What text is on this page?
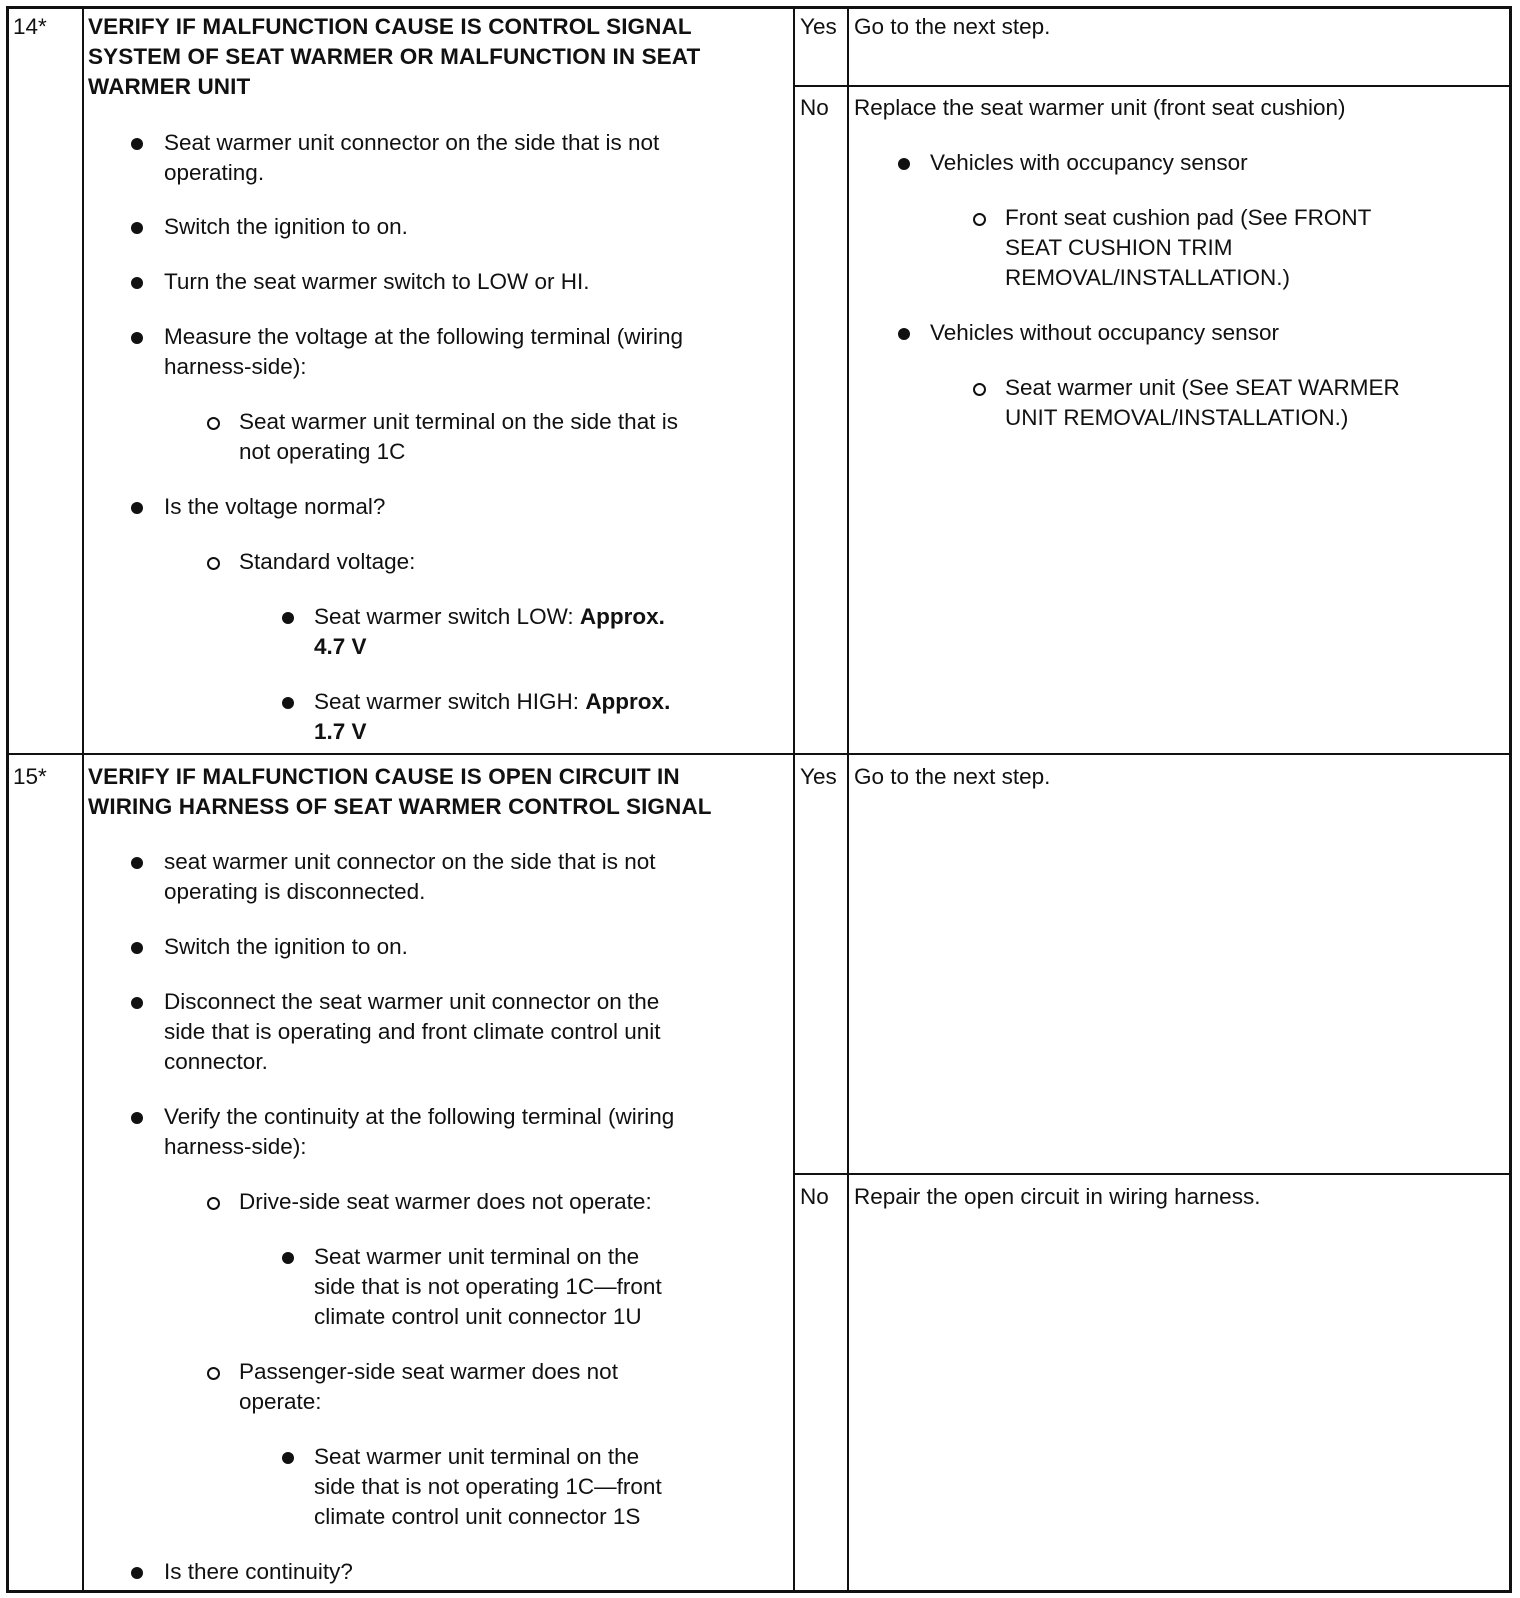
14* VERIFY IF MALFUNCTION CAUSE IS CONTROL SIGNAL
SYSTEM OF SEAT WARMER OR MALFUNCTION IN SEAT
WARMER UNIT
Seat warmer unit connector on the side that is not
operating.
Switch the ignition to on.
Turn the seat warmer switch to LOW or HI.
Measure the voltage at the following terminal (wiring
harness-side):
Seat warmer unit terminal on the side that is
not operating 1C
Is the voltage normal?
Standard voltage:
Seat warmer switch LOW: Approx.
4.7 V
Seat warmer switch HIGH: Approx.
1.7 V
Yes Go to the next step.
No Replace the seat warmer unit (front seat cushion)
Vehicles with occupancy sensor
Front seat cushion pad (See FRONT
SEAT CUSHION TRIM
REMOVAL/INSTALLATION.)
Vehicles without occupancy sensor
Seat warmer unit (See SEAT WARMER
UNIT REMOVAL/INSTALLATION.)
15* VERIFY IF MALFUNCTION CAUSE IS OPEN CIRCUIT IN
WIRING HARNESS OF SEAT WARMER CONTROL SIGNAL
seat warmer unit connector on the side that is not
operating is disconnected.
Switch the ignition to on.
Disconnect the seat warmer unit connector on the
side that is operating and front climate control unit
connector.
Verify the continuity at the following terminal (wiring
harness-side):
Drive-side seat warmer does not operate:
Seat warmer unit terminal on the
side that is not operating 1C—front
climate control unit connector 1U
Passenger-side seat warmer does not
operate:
Seat warmer unit terminal on the
side that is not operating 1C—front
climate control unit connector 1S
Is there continuity?
Yes Go to the next step.
No Repair the open circuit in wiring harness.
